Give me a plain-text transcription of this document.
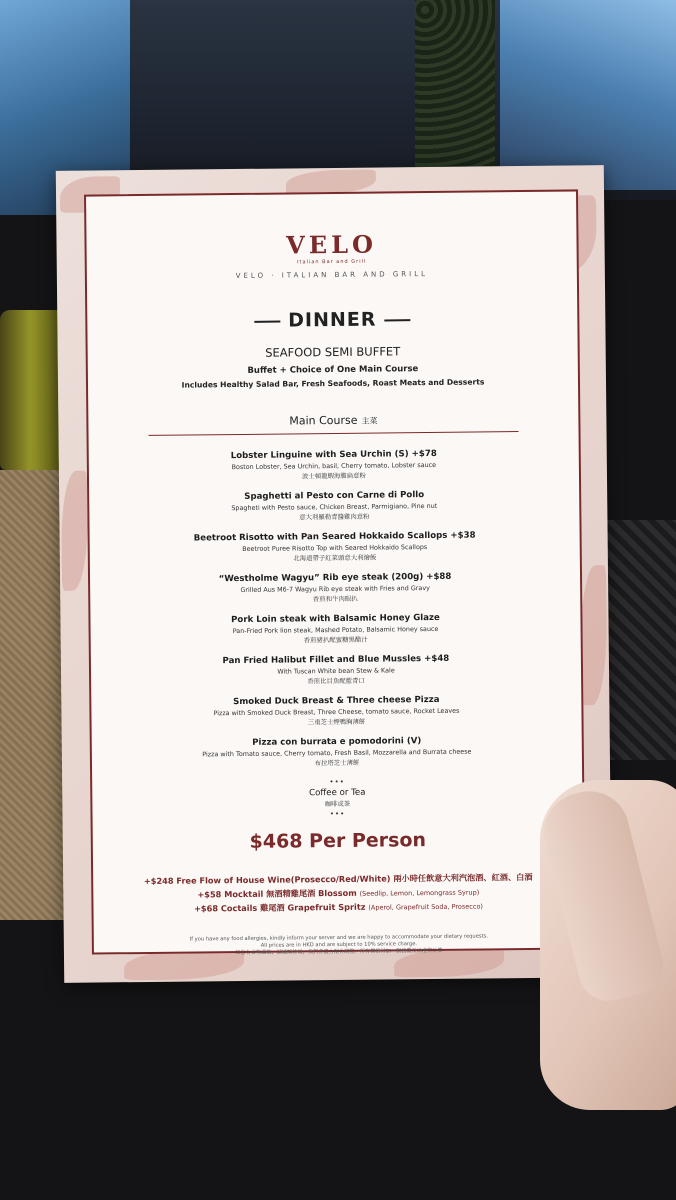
VELO
Italian Bar and Grill
VELO · ITALIAN BAR AND GRILL
DINNER
SEAFOOD SEMI BUFFET
Buffet + Choice of One Main Course
Includes Healthy Salad Bar, Fresh Seafoods, Roast Meats and Desserts
Main Course 主菜
Lobster Linguine with Sea Urchin (S) +$78
Boston Lobster, Sea Urchin, basil, Cherry tomato, Lobster sauce
波士頓龍蝦海膽扁意粉
Spaghetti al Pesto con Carne di Pollo
Spagheti with Pesto sauce, Chicken Breast, Parmigiano, Pine nut
意大利羅勒青醬雞肉意粉
Beetroot Risotto with Pan Seared Hokkaido Scallops +$38
Beetroot Puree Risotto Top with Seared Hokkaido Scallops
北海道帶子紅菜頭意大利燴飯
“Westholme Wagyu” Rib eye steak (200g) +$88
Grilled Aus M6-7 Wagyu Rib eye steak with Fries and Gravy
香煎和牛肉眼扒
Pork Loin steak with Balsamic Honey Glaze
Pan-Fried Pork lion steak, Mashed Potato, Balsamic Honey sauce
香煎豬扒配蜜糖黑醋汁
Pan Fried Halibut Fillet and Blue Mussles +$48
With Tuscan White bean Stew & Kale
香煎比目魚配藍青口
Smoked Duck Breast & Three cheese Pizza
Pizza with Smoked Duck Breast, Three Cheese, tomato sauce, Rocket Leaves
三重芝士煙鴨胸薄餅
Pizza con burrata e pomodorini (V)
Pizza with Tomato sauce, Cherry tomato, Fresh Basil, Mozzarella and Burrata cheese
布拉塔芝士薄餅
•••
Coffee or Tea
咖啡或茶
•••
$468 Per Person
+$248 Free Flow of House Wine(Prosecco/Red/White) 兩小時任飲意大利汽泡酒、紅酒、白酒
+$58 Mocktail 無酒精雞尾酒 Blossom (Seedlip, Lemon, Lemongrass Syrup)
+$68 Coctails 雞尾酒 Grapefruit Spritz (Aperol, Grapefruit Soda, Prosecco)
If you have any food allergies, kindly inform your server and we are happy to accommodate your dietary requests.
All prices are in HKD and are subject to 10% service charge.
如您有食物過敏，請通知侍員，我們會盡力配合調整。所有價格另加一服務費及以港幣計算
